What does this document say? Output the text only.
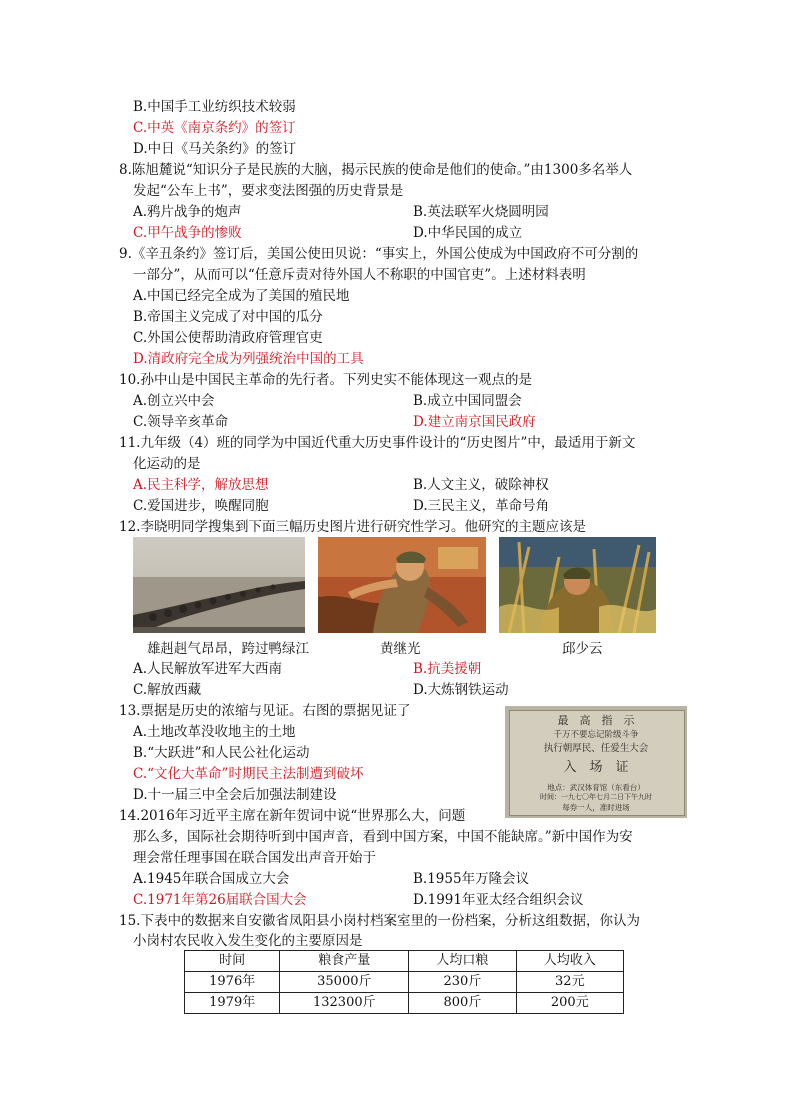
B.中国手工业纺织技术较弱
C.中英《南京条约》的签订
D.中日《马关条约》的签订
8.陈旭麓说“知识分子是民族的大脑，揭示民族的使命是他们的使命。”由1300多名举人
发起“公车上书”，要求变法图强的历史背景是
A.鸦片战争的炮声	B.英法联军火烧圆明园
C.甲午战争的惨败	D.中华民国的成立
9.《辛丑条约》签订后，美国公使田贝说：“事实上，外国公使成为中国政府不可分割的
一部分”，从而可以“任意斥责对待外国人不称职的中国官吏”。上述材料表明
A.中国已经完全成为了美国的殖民地
B.帝国主义完成了对中国的瓜分
C.外国公使帮助清政府管理官吏
D.清政府完全成为列强统治中国的工具
10.孙中山是中国民主革命的先行者。下列史实不能体现这一观点的是
A.创立兴中会	B.成立中国同盟会
C.领导辛亥革命	D.建立南京国民政府
11.九年级（4）班的同学为中国近代重大历史事件设计的“历史图片”中，最适用于新文
化运动的是
A.民主科学，解放思想	B.人文主义，破除神权
C.爱国进步，唤醒同胞	D.三民主义，革命号角
12.李晓明同学搜集到下面三幅历史图片进行研究性学习。他研究的主题应该是
雄赳赳气昂昂，跨过鸭绿江	黄继光	邱少云
A.人民解放军进军大西南	B.抗美援朝
C.解放西藏	D.大炼钢铁运动
13.票据是历史的浓缩与见证。右图的票据见证了
A.土地改革没收地主的土地
B.“大跃进”和人民公社化运动
C.“文化大革命”时期民主法制遭到破坏
D.十一届三中全会后加强法制建设
最　高　指　示
千万不要忘记阶级斗争
执行朝厚民、任爱生大会
入　场　证
地点：武汉体育馆（东看台）
时间：一九七〇年七月二日下午九时
每券一人，准时进场
14.2016年习近平主席在新年贺词中说“世界那么大，问题
那么多，国际社会期待听到中国声音，看到中国方案，中国不能缺席。”新中国作为安
理会常任理事国在联合国发出声音开始于
A.1945年联合国成立大会	B.1955年万隆会议
C.1971年第26届联合国大会	D.1991年亚太经合组织会议
15.下表中的数据来自安徽省凤阳县小岗村档案室里的一份档案，分析这组数据，你认为
小岗村农民收入发生变化的主要原因是
时间	粮食产量	人均口粮	人均收入
1976年	35000斤	230斤	32元
1979年	132300斤	800斤	200元
